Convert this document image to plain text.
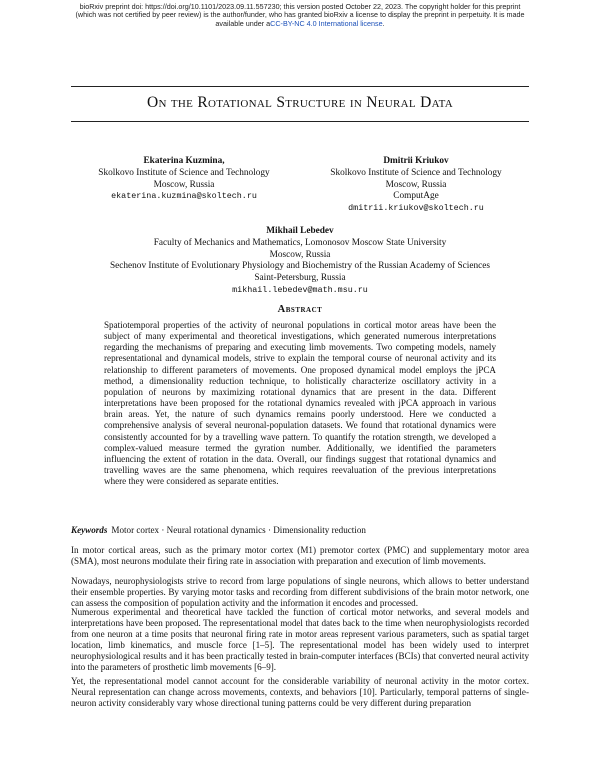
bioRxiv preprint doi: https://doi.org/10.1101/2023.09.11.557230; this version posted October 22, 2023. The copyright holder for this preprint
(which was not certified by peer review) is the author/funder, who has granted bioRxiv a license to display the preprint in perpetuity. It is made
available under aCC-BY-NC 4.0 International license.
On the Rotational Structure in Neural Data
Ekaterina Kuzmina,
Skolkovo Institute of Science and Technology
Moscow, Russia
ekaterina.kuzmina@skoltech.ru
Dmitrii Kriukov
Skolkovo Institute of Science and Technology
Moscow, Russia
ComputAge
dmitrii.kriukov@skoltech.ru
Mikhail Lebedev
Faculty of Mechanics and Mathematics, Lomonosov Moscow State University
Moscow, Russia
Sechenov Institute of Evolutionary Physiology and Biochemistry of the Russian Academy of Sciences
Saint-Petersburg, Russia
mikhail.lebedev@math.msu.ru
Abstract
Spatiotemporal properties of the activity of neuronal populations in cortical motor areas have been the subject of many experimental and theoretical investigations, which generated numerous interpretations regarding the mechanisms of preparing and executing limb movements. Two competing models, namely representational and dynamical models, strive to explain the temporal course of neuronal activity and its relationship to different parameters of movements. One proposed dynamical model employs the jPCA method, a dimensionality reduction technique, to holistically characterize oscillatory activity in a population of neurons by maximizing rotational dynamics that are present in the data. Different interpretations have been proposed for the rotational dynamics revealed with jPCA approach in various brain areas. Yet, the nature of such dynamics remains poorly understood. Here we conducted a comprehensive analysis of several neuronal-population datasets. We found that rotational dynamics were consistently accounted for by a travelling wave pattern. To quantify the rotation strength, we developed a complex-valued measure termed the gyration number. Additionally, we identified the parameters influencing the extent of rotation in the data. Overall, our findings suggest that rotational dynamics and travelling waves are the same phenomena, which requires reevaluation of the previous interpretations where they were considered as separate entities.
Keywords Motor cortex · Neural rotational dynamics · Dimensionality reduction
In motor cortical areas, such as the primary motor cortex (M1) premotor cortex (PMC) and supplementary motor area (SMA), most neurons modulate their firing rate in association with preparation and execution of limb movements.
Nowadays, neurophysiologists strive to record from large populations of single neurons, which allows to better understand their ensemble properties. By varying motor tasks and recording from different subdivisions of the brain motor network, one can assess the composition of population activity and the information it encodes and processed.
Numerous experimental and theoretical have tackled the function of cortical motor networks, and several models and interpretations have been proposed. The representational model that dates back to the time when neurophysiologists recorded from one neuron at a time posits that neuronal firing rate in motor areas represent various parameters, such as spatial target location, limb kinematics, and muscle force [1–5]. The representational model has been widely used to interpret neurophysiological results and it has been practically tested in brain-computer interfaces (BCIs) that converted neural activity into the parameters of prosthetic limb movements [6–9].
Yet, the representational model cannot account for the considerable variability of neuronal activity in the motor cortex. Neural representation can change across movements, contexts, and behaviors [10]. Particularly, temporal patterns of single-neuron activity considerably vary whose directional tuning patterns could be very different during preparation
